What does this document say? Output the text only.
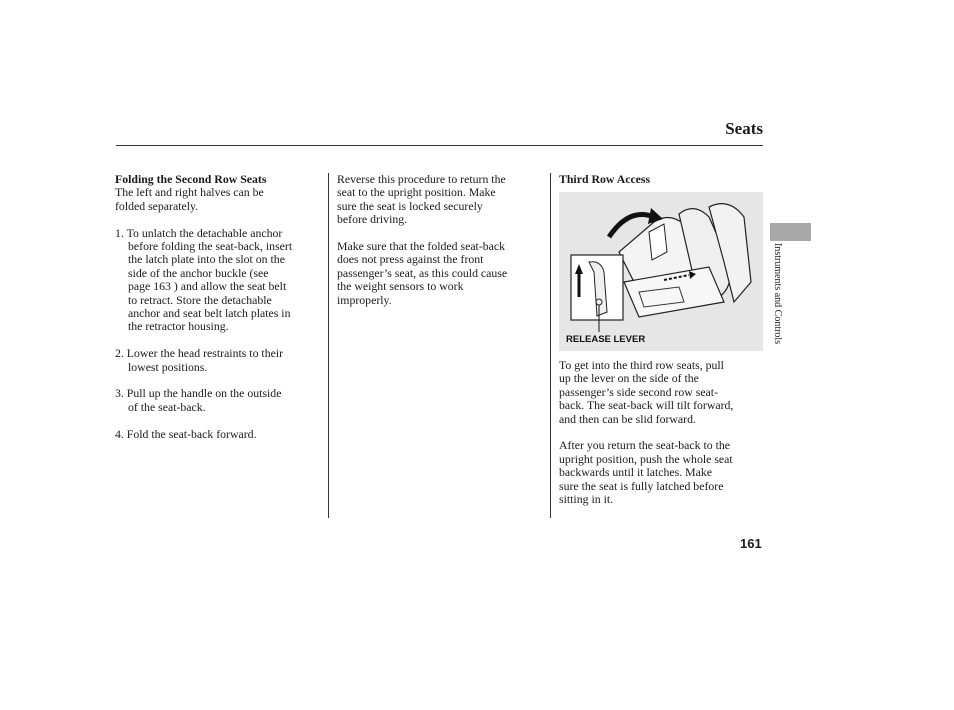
Seats

Folding the Second Row Seats

The left and right halves can be

folded separately.

1. To unlatch the detachable anchor

before folding the seat-back, insert

the latch plate into the slot on the

side of the anchor buckle (see

page 163 ) and allow the seat belt

to retract. Store the detachable

anchor and seat belt latch plates in

the retractor housing.

2. Lower the head restraints to their

lowest positions.

3. Pull up the handle on the outside

of the seat-back.

4. Fold the seat-back forward.

Reverse this procedure to return the

seat to the upright position. Make

sure the seat is locked securely

before driving.

Make sure that the folded seat-back

does not press against the front

passenger’s seat, as this could cause

the weight sensors to work

improperly.

Third Row Access

RELEASE LEVER

To get into the third row seats, pull

up the lever on the side of the

passenger’s side second row seat-

back. The seat-back will tilt forward,

and then can be slid forward.

After you return the seat-back to the

upright position, push the whole seat

backwards until it latches. Make

sure the seat is fully latched before

sitting in it.

Instruments and Controls
161
